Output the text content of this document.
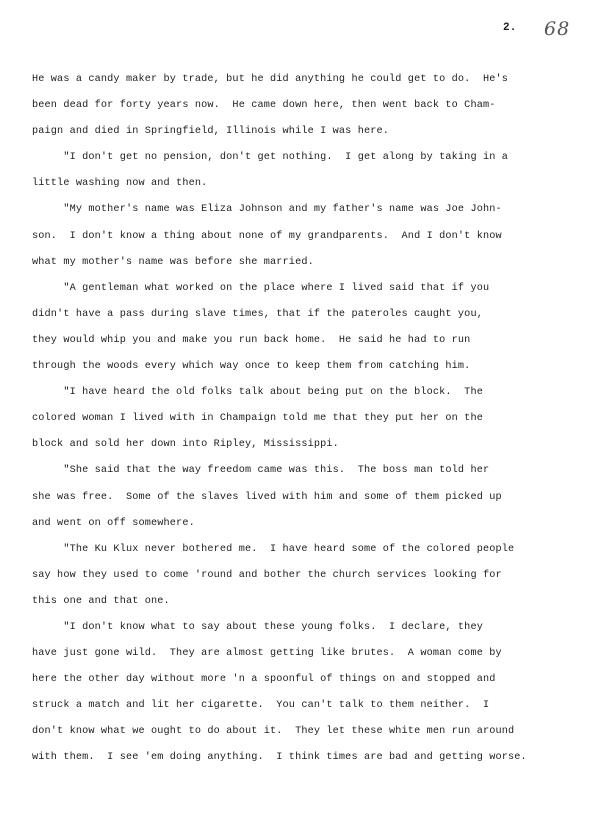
2. 68
He was a candy maker by trade, but he did anything he could get to do.  He's
been dead for forty years now.  He came down here, then went back to Cham-
paign and died in Springfield, Illinois while I was here.
"I don't get no pension, don't get nothing.  I get along by taking in a
little washing now and then.
"My mother's name was Eliza Johnson and my father's name was Joe John-
son.  I don't know a thing about none of my grandparents.  And I don't know
what my mother's name was before she married.
"A gentleman what worked on the place where I lived said that if you
didn't have a pass during slave times, that if the pateroles caught you,
they would whip you and make you run back home.  He said he had to run
through the woods every which way once to keep them from catching him.
"I have heard the old folks talk about being put on the block.  The
colored woman I lived with in Champaign told me that they put her on the
block and sold her down into Ripley, Mississippi.
"She said that the way freedom came was this.  The boss man told her
she was free.  Some of the slaves lived with him and some of them picked up
and went on off somewhere.
"The Ku Klux never bothered me.  I have heard some of the colored people
say how they used to come 'round and bother the church services looking for
this one and that one.
"I don't know what to say about these young folks.  I declare, they
have just gone wild.  They are almost getting like brutes.  A woman come by
here the other day without more 'n a spoonful of things on and stopped and
struck a match and lit her cigarette.  You can't talk to them neither.  I
don't know what we ought to do about it.  They let these white men run around
with them.  I see 'em doing anything.  I think times are bad and getting worse.
